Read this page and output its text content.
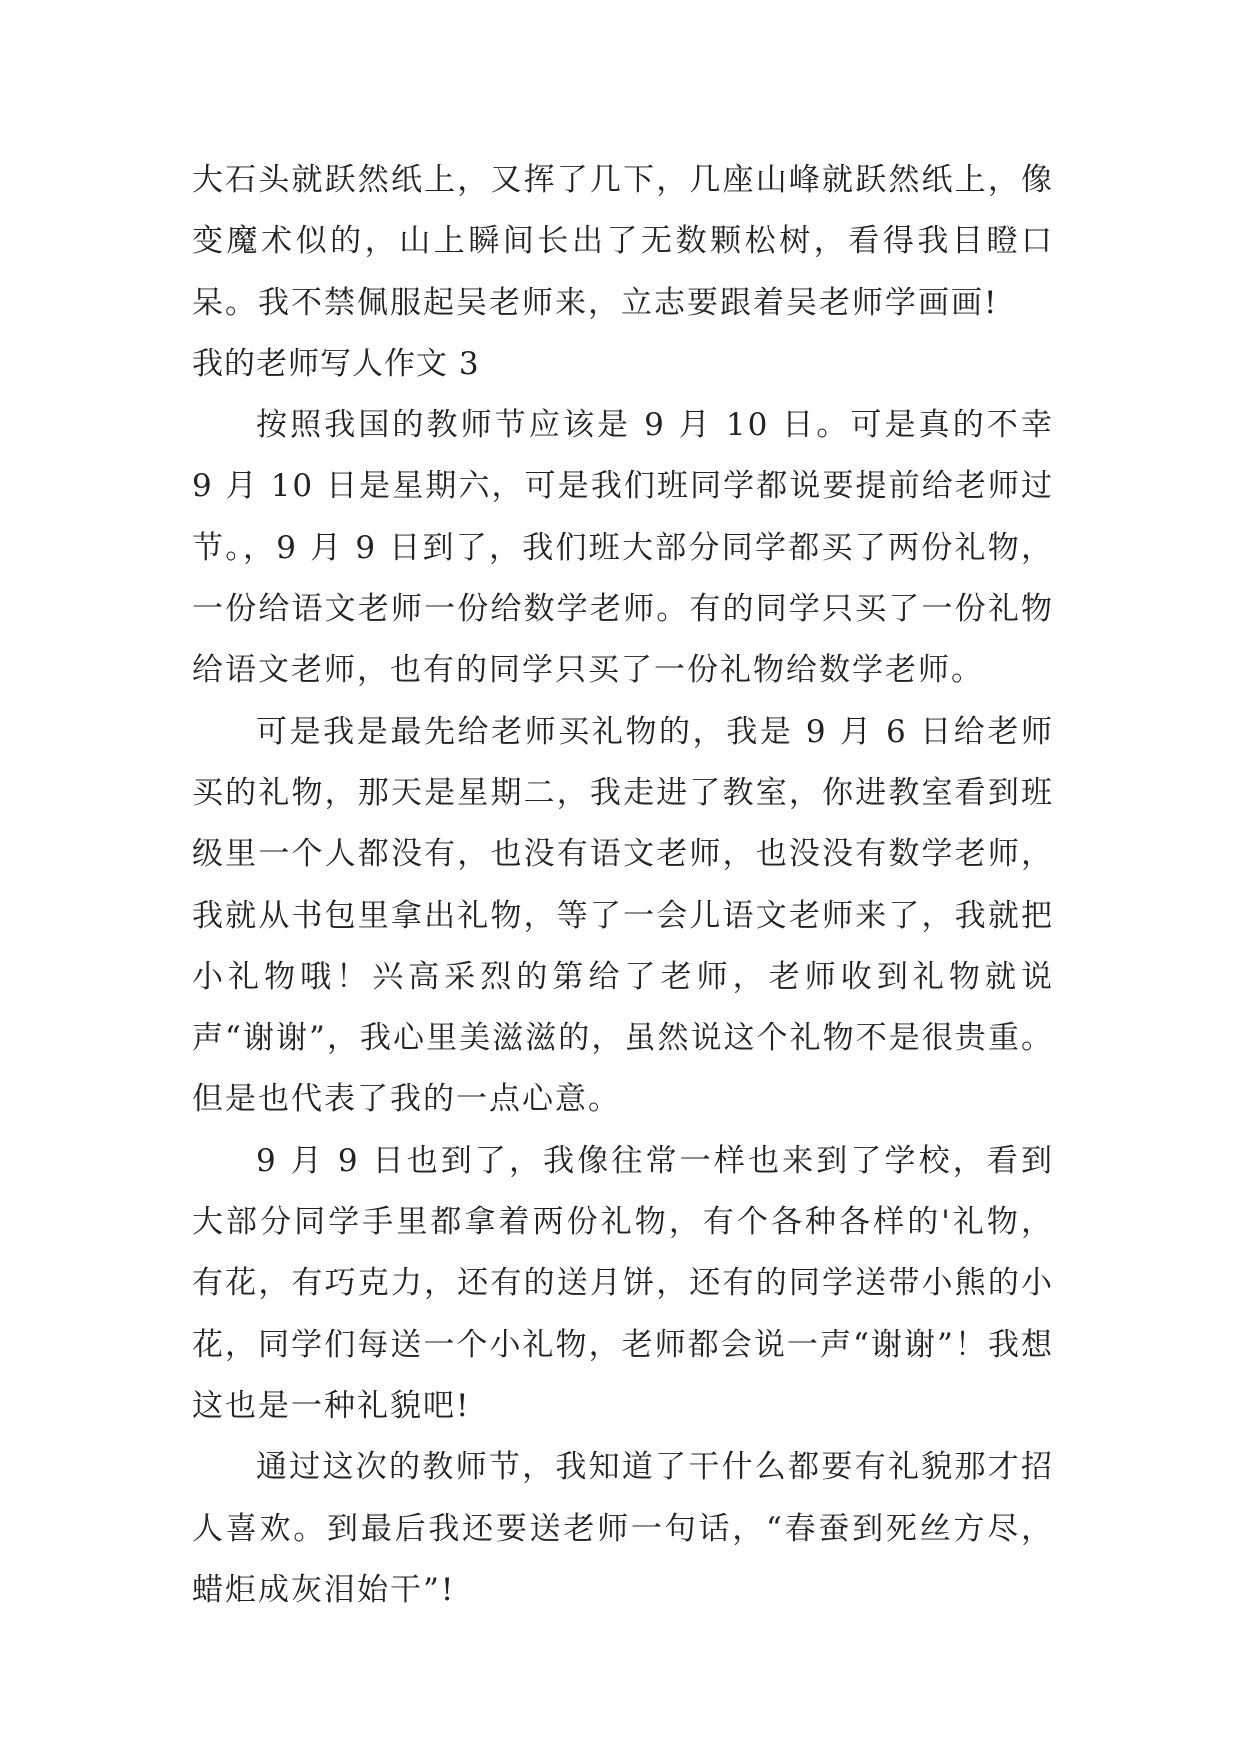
大石头就跃然纸上，又挥了几下，几座山峰就跃然纸上，像变魔术似的，山上瞬间长出了无数颗松树，看得我目瞪口呆。我不禁佩服起吴老师来，立志要跟着吴老师学画画!

我的老师写人作文 3

按照我国的教师节应该是 9 月 10 日。可是真的不幸 9 月 10 日是星期六，可是我们班同学都说要提前给老师过节。，9 月 9 日到了，我们班大部分同学都买了两份礼物，一份给语文老师一份给数学老师。有的同学只买了一份礼物给语文老师，也有的同学只买了一份礼物给数学老师。

可是我是最先给老师买礼物的，我是 9 月 6 日给老师买的礼物，那天是星期二，我走进了教室，你进教室看到班级里一个人都没有，也没有语文老师，也没没有数学老师，我就从书包里拿出礼物，等了一会儿语文老师来了，我就把小礼物哦！兴高采烈的第给了老师，老师收到礼物就说声“谢谢”，我心里美滋滋的，虽然说这个礼物不是很贵重。但是也代表了我的一点心意。

9 月 9 日也到了，我像往常一样也来到了学校，看到大部分同学手里都拿着两份礼物，有个各种各样的'礼物，有花，有巧克力，还有的送月饼，还有的同学送带小熊的小花，同学们每送一个小礼物，老师都会说一声“谢谢”！我想这也是一种礼貌吧!

通过这次的教师节，我知道了干什么都要有礼貌那才招人喜欢。到最后我还要送老师一句话，“春蚕到死丝方尽，蜡炬成灰泪始干”!
